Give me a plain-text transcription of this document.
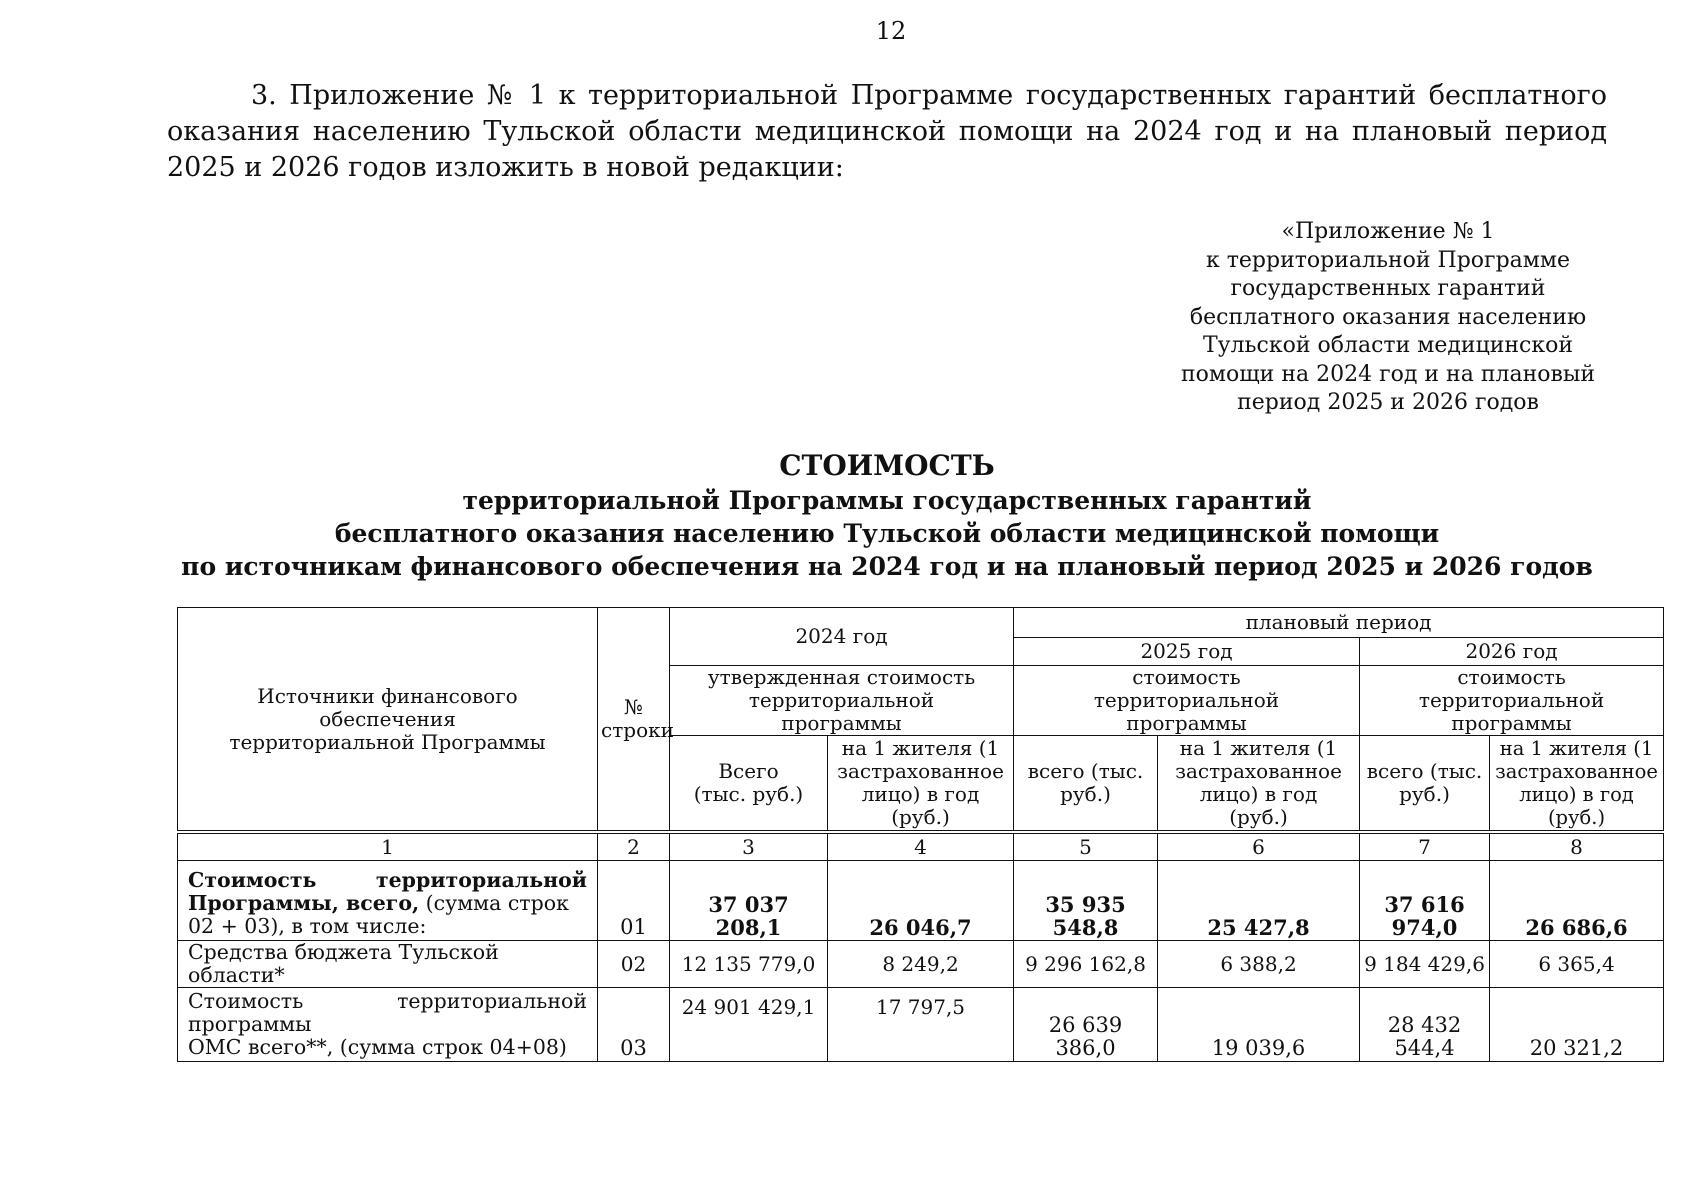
12

3. Приложение № 1 к территориальной Программе государственных гарантий бесплатного оказания населению Тульской области медицинской помощи на 2024 год и на плановый период 2025 и 2026 годов изложить в новой редакции:

«Приложение № 1
к территориальной Программе
государственных гарантий
бесплатного оказания населению
Тульской области медицинской
помощи на 2024 год и на плановый
период 2025 и 2026 годов
СТОИМОСТЬ
территориальной Программы государственных гарантий
бесплатного оказания населению Тульской области медицинской помощи
по источникам финансового обеспечения на 2024 год и на плановый период 2025 и 2026 годов
Источники финансового обеспечения территориальной Программы	№ строки	2024 год		плановый период			
				2025 год		2026 год	
		утвержденная стоимость территориальной программы		стоимость территориальной программы		стоимость территориальной программы	
		Всего (тыс. руб.)	на 1 жителя (1 застрахованное лицо) в год (руб.)	всего (тыс. руб.)	на 1 жителя (1 застрахованное лицо) в год (руб.)	всего (тыс. руб.)	на 1 жителя (1 застрахованное лицо) в год (руб.)

1	2	3	4	5	6	7	8

Стоимость территориальной
Программы, всего, (сумма строк 02 + 03), в том числе:	01	37 037 208,1	26 046,7	35 935 548,8	25 427,8	37 616 974,0	26 686,6
Средства бюджета Тульской области*	02	12 135 779,0	8 249,2	9 296 162,8	6 388,2	9 184 429,6	6 365,4

Стоимость территориальной программы
ОМС всего**, (сумма строк 04+08)	03	24 901 429,1	17 797,5	26 639 386,0	19 039,6	28 432 544,4	20 321,2
